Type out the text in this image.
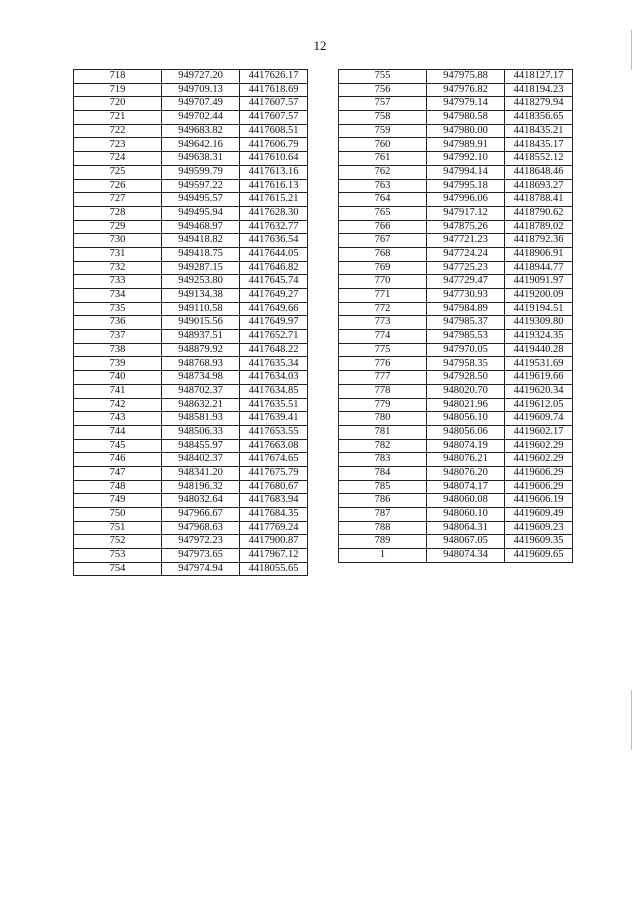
12
718	949727.20	4417626.17
719	949709.13	4417618.69
720	949707.49	4417607.57
721	949702.44	4417607.57
722	949683.82	4417608.51
723	949642.16	4417606.79
724	949638.31	4417610.64
725	949599.79	4417613.16
726	949597.22	4417616.13
727	949495.57	4417615.21
728	949495.94	4417628.30
729	949468.97	4417632.77
730	949418.82	4417636.54
731	949418.75	4417644.05
732	949287.15	4417646.82
733	949253.80	4417645.74
734	949134.38	4417649.27
735	949110.58	4417649.66
736	949015.56	4417649.97
737	948937.51	4417652.71
738	948879.92	4417648.22
739	948768.93	4417635.34
740	948734.98	4417634.03
741	948702.37	4417634.85
742	948632.21	4417635.51
743	948581.93	4417639.41
744	948506.33	4417653.55
745	948455.97	4417663.08
746	948402.37	4417674.65
747	948341.20	4417675.79
748	948196.32	4417680.67
749	948032.64	4417683.94
750	947966.67	4417684.35
751	947968.63	4417769.24
752	947972.23	4417900.87
753	947973.65	4417967.12
754	947974.94	4418055.65
755	947975.88	4418127.17
756	947976.82	4418194.23
757	947979.14	4418279.94
758	947980.58	4418356.65
759	947980.00	4418435.21
760	947989.91	4418435.17
761	947992.10	4418552.12
762	947994.14	4418648.46
763	947995.18	4418693.27
764	947996.06	4418788.41
765	947917.12	4418790.62
766	947875.26	4418789.02
767	947721.23	4418792.36
768	947724.24	4418906.91
769	947725.23	4418944.77
770	947729.47	4419091.97
771	947730.93	4419200.09
772	947984.89	4419194.51
773	947985.37	4419309.80
774	947985.53	4419324.35
775	947970.05	4419440.28
776	947958.35	4419531.69
777	947928.50	4419619.66
778	948020.70	4419620.34
779	948021.96	4419612.05
780	948056.10	4419609.74
781	948056.06	4419602.17
782	948074.19	4419602.29
783	948076.21	4419602.29
784	948076.20	4419606.29
785	948074.17	4419606.29
786	948060.08	4419606.19
787	948060.10	4419609.49
788	948064.31	4419609.23
789	948067.05	4419609.35
1	948074.34	4419609.65
